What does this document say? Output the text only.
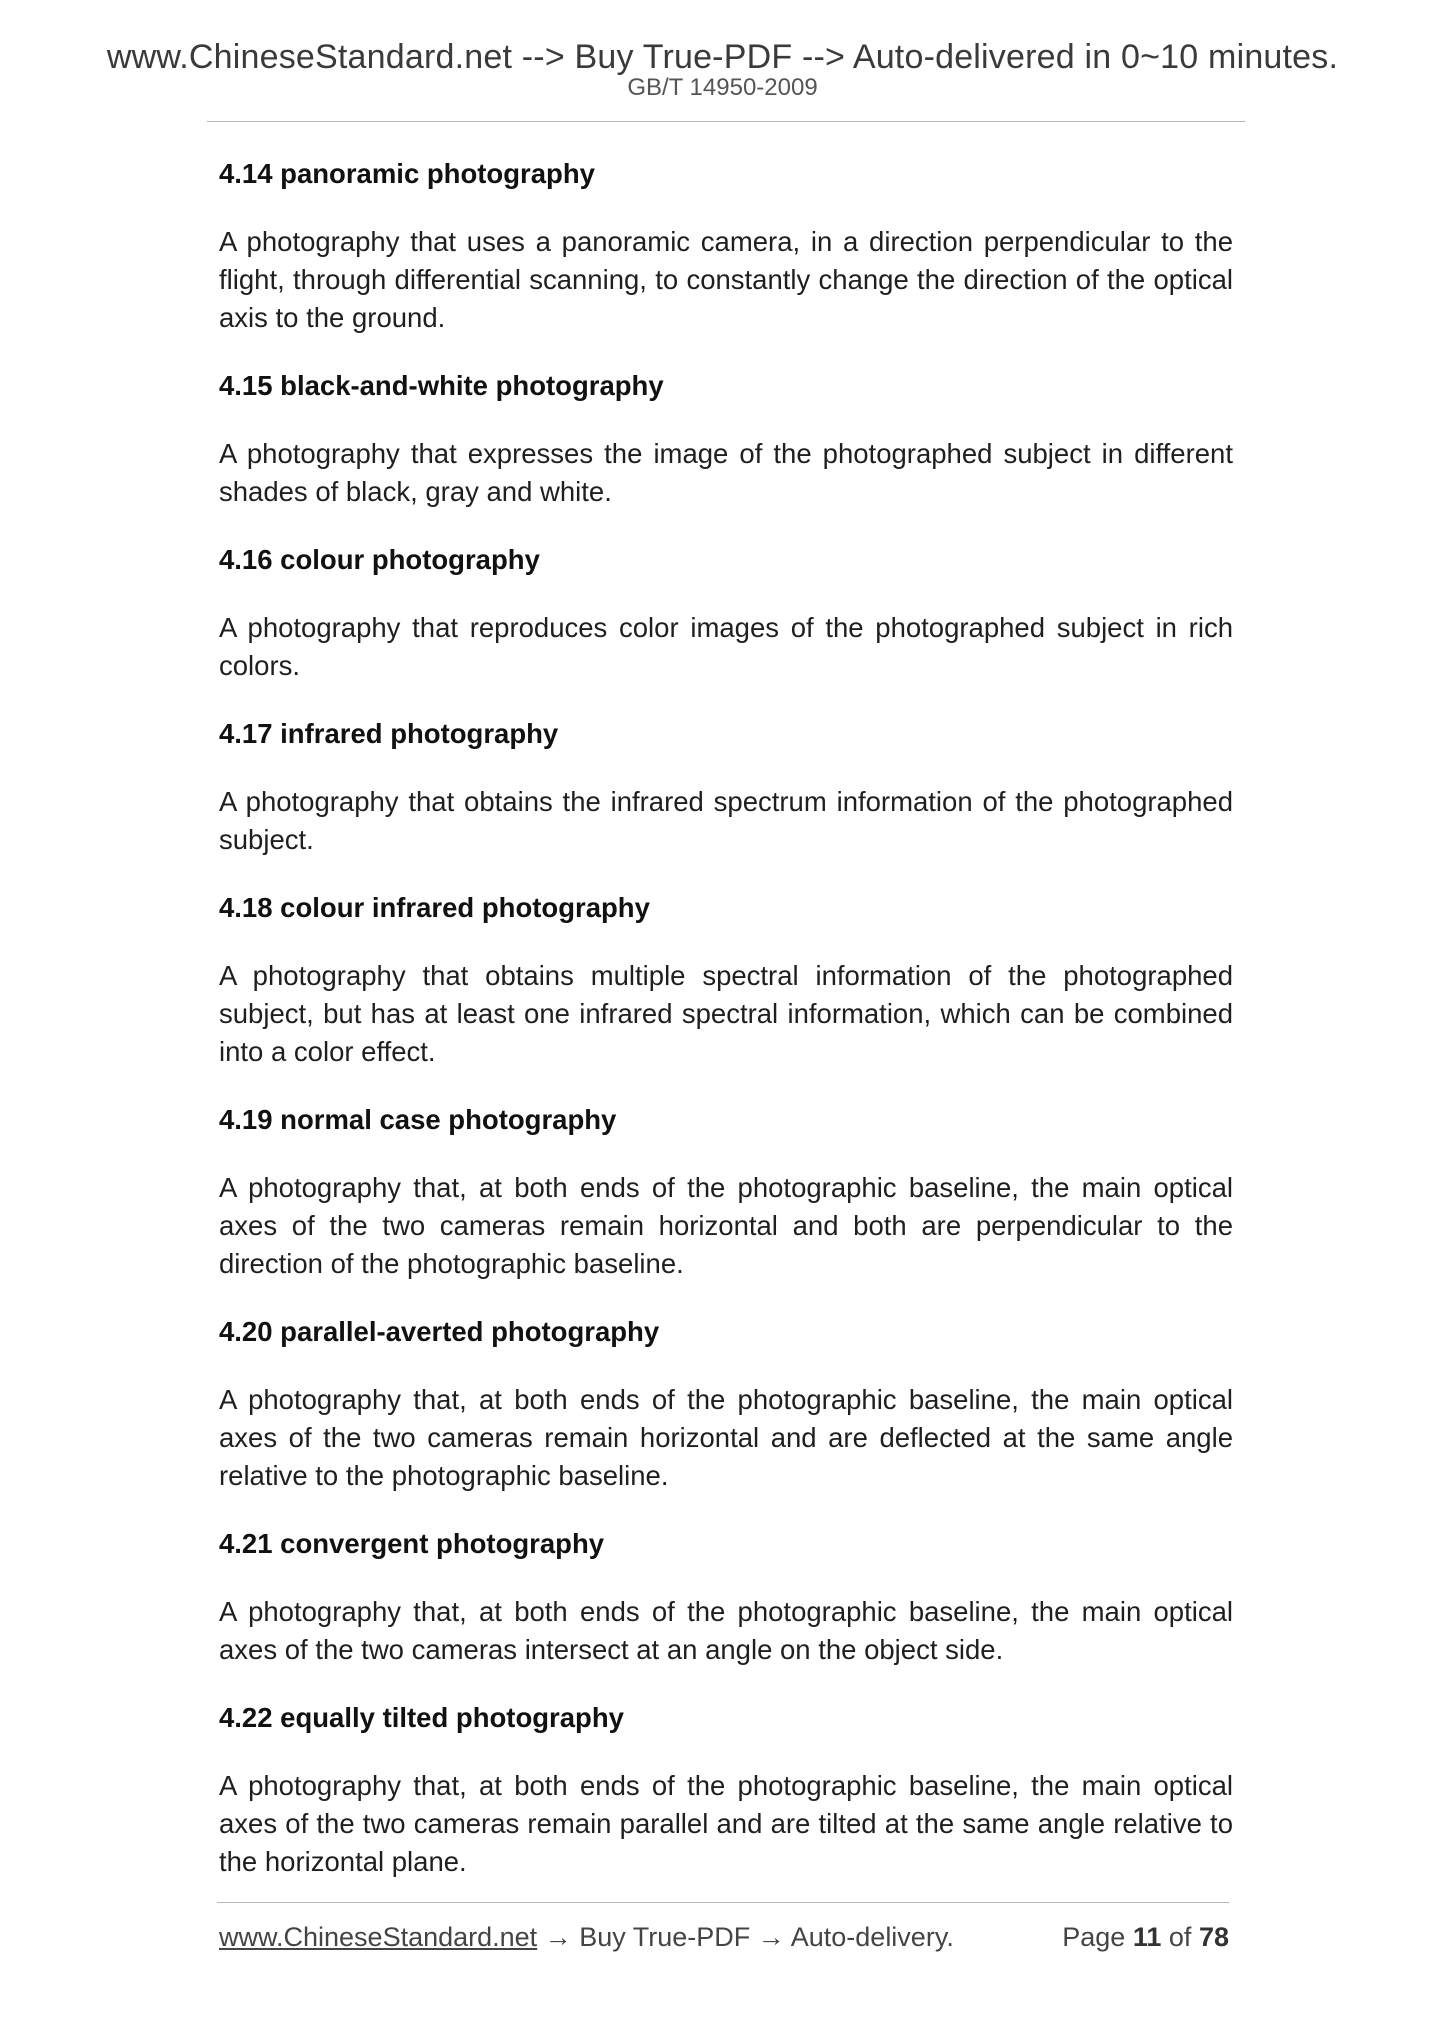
www.ChineseStandard.net --> Buy True-PDF --> Auto-delivered in 0~10 minutes.
GB/T 14950-2009

4.14 panoramic photography

A photography that uses a panoramic camera, in a direction perpendicular to the flight, through differential scanning, to constantly change the direction of the optical axis to the ground.

4.15 black-and-white photography

A photography that expresses the image of the photographed subject in different shades of black, gray and white.

4.16 colour photography

A photography that reproduces color images of the photographed subject in rich colors.

4.17 infrared photography

A photography that obtains the infrared spectrum information of the photographed subject.

4.18 colour infrared photography

A photography that obtains multiple spectral information of the photographed subject, but has at least one infrared spectral information, which can be combined into a color effect.

4.19 normal case photography

A photography that, at both ends of the photographic baseline, the main optical axes of the two cameras remain horizontal and both are perpendicular to the direction of the photographic baseline.

4.20 parallel-averted photography

A photography that, at both ends of the photographic baseline, the main optical axes of the two cameras remain horizontal and are deflected at the same angle relative to the photographic baseline.

4.21 convergent photography

A photography that, at both ends of the photographic baseline, the main optical axes of the two cameras intersect at an angle on the object side.

4.22 equally tilted photography

A photography that, at both ends of the photographic baseline, the main optical axes of the two cameras remain parallel and are tilted at the same angle relative to the horizontal plane.

www.ChineseStandard.net → Buy True-PDF → Auto-delivery.	Page 11 of 78
